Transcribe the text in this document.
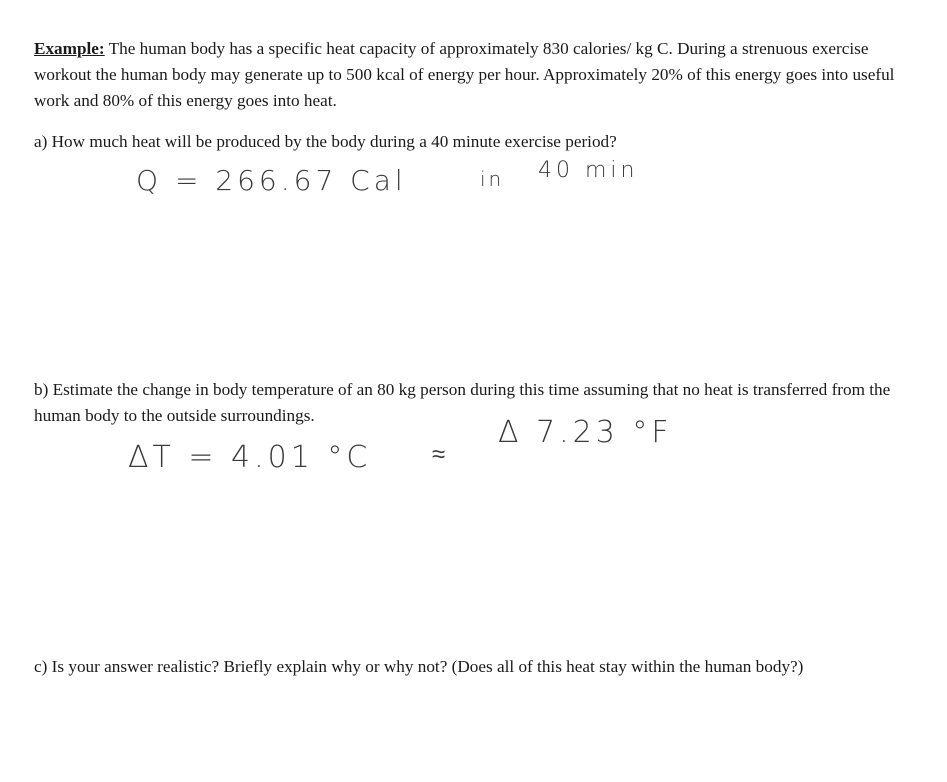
Example: The human body has a specific heat capacity of approximately 830 calories/ kg C. During a strenuous exercise workout the human body may generate up to 500 kcal of energy per hour. Approximately 20% of this energy goes into useful work and 80% of this energy goes into heat.

a) How much heat will be produced by the body during a 40 minute exercise period?

Q = 266.67 Cal	in 40 min

b) Estimate the change in body temperature of an 80 kg person during this time assuming that no heat is transferred from the human body to the outside surroundings.

ΔT = 4.01 °C	≈
Δ 7.23 °F

c) Is your answer realistic? Briefly explain why or why not? (Does all of this heat stay within the human body?)
